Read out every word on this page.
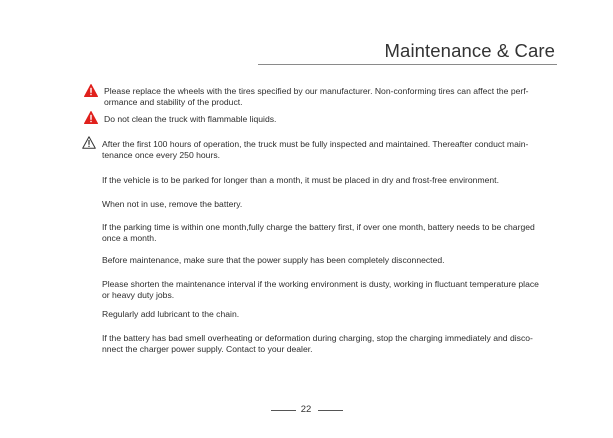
Maintenance & Care
Please replace the wheels with the tires specified by our manufacturer. Non-conforming tires can affect the perf-
ormance and stability of the product.
Do not clean the truck with flammable liquids.
After the first 100 hours of operation, the truck must be fully inspected and maintained. Thereafter conduct main-
tenance once every 250 hours.
If the vehicle is to be parked for longer than a month, it must be placed in dry and frost-free environment.
When not in use, remove the battery.
If the parking time is within one month,fully charge the battery first, if over one month, battery needs to be charged
once a month.
Before maintenance, make sure that the power supply has been completely disconnected.
Please shorten the maintenance interval if the working environment is dusty, working in fluctuant temperature place
or heavy duty jobs.
Regularly add lubricant to the chain.
If the battery has bad smell overheating or deformation during charging, stop the charging immediately and disco-
nnect the charger power supply. Contact to your dealer.
22
